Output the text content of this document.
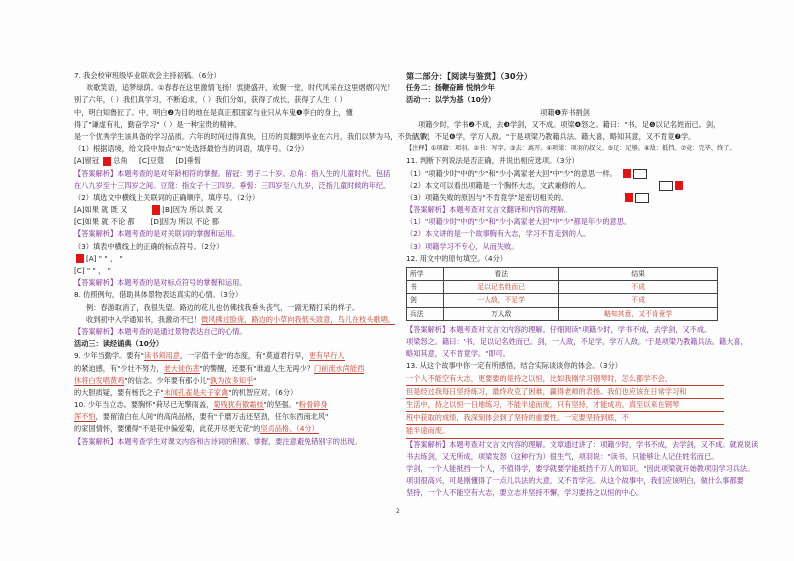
7. 我会校审班级毕业联欢会主持初稿。（6分）
欢歌笑语，追梦绿荫。①春春在这里激情飞扬！衷捷盛开，欢聚一堂，时代风采在这里熠熠闪光！
别了六年，（ ）我们真学习，不断追求，（ ）我们分如，获得了成长，获得了人生（ ）
中，明白知鲁匠了。中，明白❷为目的地在是真正那国家与业只从车鬼❶李白的身上，懂
得了"谦虚有礼，勤奋学习"（ ）是一种宝贵的精神。
是一个优秀学生该具备的学习品质。六年的时间过得真快，日历的页翻到毕业在六月，我们以梦为马，不负韶华！
（1）根据语境，给文段中加点"①"处选择最恰当的词语，填序号。（2分）
[A]留冠 总角 [C]豆蔻 [D]垂髫
【答案解析】本题考查的是对年龄相符的掌握。留冠：男子二十岁。总角：指人生的儿童时代，包括
在八九岁至十三四岁之间。豆蔻：指女子十三四岁。垂髫：三四岁至八九岁，泛指儿童时候的年纪。
（2）填选文中横线上关联词的正确顺序，填序号。（2分）
[A]如果 就 既 又	[B]因为 所以 既 又
[C]如果 就 不论 都 [D]因为 所以 不论 都
【答案解析】本题考查的是对关联词的掌握和运用。
（3）填表中横线上的正确的标点符号。（2分）
[A] " " ， "
[C] " " ， "
【答案解析】本题考查的是对标点符号的掌握和运用。
8. 仿照例句，借助具体景物表达真实的心情。（3分）
例：春游取消了，我很失望。路边的花儿也仿佛找我垂头丧气，一副无精打采的样子。
收到初中入学通知书，我激动不已！微风拂过脸庞，路边的小草向我低头致意，鸟儿在枝头歌唱。
【答案解析】本题考查的是通过景物表达自己的心情。
活动三：读经诵典（10分）
9. 少年当勤学。要有"读书须用意，一字值千金"的态度，有"莫道君行早，更有早行人
的紧迫感，有"少壮不努力，老大徒伤悲"的警醒，还要有"谁道人生无再少？门前流水尚能西
休将白发唱黄鸡"的信念。少年要有那小儿"孰为汝多知乎"
的大胆质疑，要有杨氏之子"未闻孔雀是夫子家禽"的机智应对。（6分）
10. 少年当立志。要胸怀"荷尽已无擎雨盖，菊残犹有傲霜枝"的坚强。"粉骨碎身
浑不怕，要留清白在人间"的高尚品格，要有"千磨万击还坚劲，任尔东西南北风"
的家国情怀，要懂得"不是花中偏爱菊，此花开尽更无花"的坚贞品格。（4分）
【答案解析】本题考查学生对课文内容和古诗词的积累、掌握，要注意避免错别字的出现。
第二部分：【阅读与鉴赏】（30分）
任务二：扬鞭奋蹄 悦纳少年
活动一：以学为基（10分）
项籍❶弃书捐剑
项籍少时，学书❷不成，去❸学剑，又不成。项梁❹怒之。籍曰："书，足❺以记名姓而已。剑，
一人敌，不足❻学，学万人敌。"于是项梁乃教籍兵法。籍大喜，略知其意，又不肯竟❼学。
【注释】①项籍：项羽。②书：写字。③去：离开。④项梁：项羽的叔父。⑤足：足够。⑥敌：抵挡。⑦竟：完毕、终了。
11. 判断下列说法是否正确，并说出相应选项。（3分）
（1）"项籍少时"中的"少"和"少小离家老大回"中"少"的意思一样。
（2）本文可以看出项籍是一个胸怀大志，文武兼修的人。
（3）项籍失败的原因与"不肯竟学"是密切相关的。
【答案解析】本题考查对文言文翻译和内容的理解。
（1）"项籍少时"中的"少"和"少小离家老大回"中"少"都是年少的意思。
（2）本文讲的是一个故事胸有大志，学习不肯走到的人。
（3）项籍学习不专心，从而失败。
12. 用文中的原句填空。（4分）
所学	看法	结果
书	足以记名姓而已	不成
剑	一人敌，不足学	不成
兵法	万人敌	略知其意，又不肯竟学
【答案解析】本题考查对文言文内容的理解。仔细阅读"项籍少时，学书不成，去学剑，又不成。
项梁怒之。籍曰：'书，足以记名姓而已。剑，一人敌，不足学，学万人敌。'于是项梁乃教籍兵法。籍大喜，
略知其意，又不肯竟学。"即可。
13. 从这个故事中你一定有所感悟，结合实际谈谈你的体会。（3分）
一个人不能空有大志，更要要的是持之以恒，比如我刚学习钢琴时，怎么都学不会，
但是经过我每日坚持练习，最终攻克了困难，赢得老师的表扬。我们也应该在日常学习和
生活中，持之以恒一日地练习，不能半途而废，只有坚持，才能成功。真至以来在钢琴
班中获取的成绩，我深刻体会到了坚持的重要性。一定要坚持到底，不
能半途而废。
【答案解析】本题考查对文言文内容的理解。文章通过讲了：项籍少时，学书不成，去学剑，又不成。就说说读
书去练剑，又无所成，项梁发怒（这种行为）很生气，项羽说："读书，只能够让人记住姓名而已。
学剑，一个人能抵挡一个人，不值得学，要学就要学能抵挡千万人的知识。"因此项梁就开始教项羽学习兵法。
项羽很高兴，可是刚懂得了一点儿兵法的大意，又不肯学完。从这个故事中，我们应该明白，做什么事都要
坚持，一个人不能空有大志，要立志并坚持不懈，学习要持之以恒的中心。
2
